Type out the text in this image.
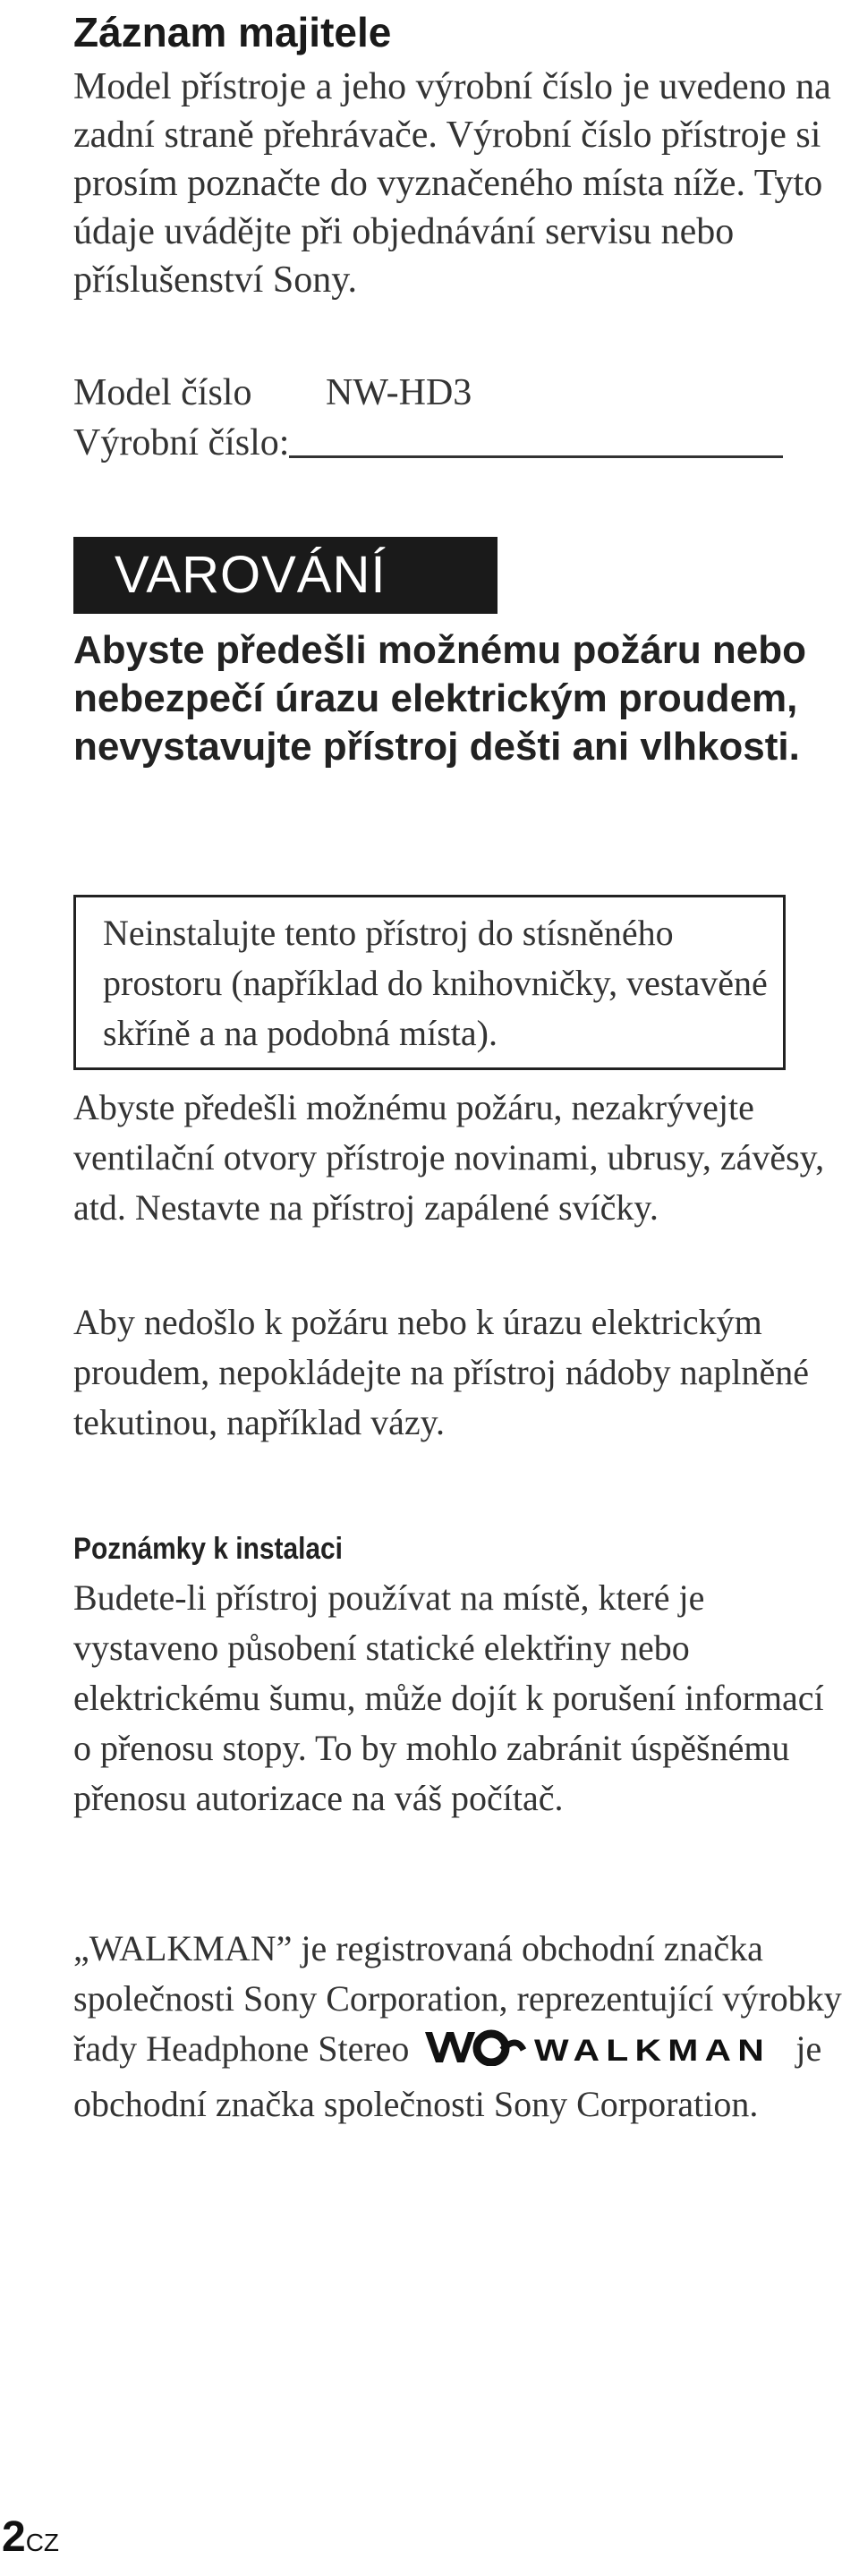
Záznam majitele
Model přístroje a jeho výrobní číslo je uvedeno na zadní straně přehrávače. Výrobní číslo přístroje si prosím poznačte do vyznačeného místa níže. Tyto údaje uvádějte při objednávání servisu nebo příslušenství Sony.
Model číslo NW-HD3
Výrobní číslo:
VAROVÁNÍ
Abyste předešli možnému požáru nebo nebezpečí úrazu elektrickým proudem, nevystavujte přístroj dešti ani vlhkosti.
Neinstalujte tento přístroj do stísněného prostoru (například do knihovničky, vestavěné skříně a na podobná místa).
Abyste předešli možnému požáru, nezakrývejte ventilační otvory přístroje novinami, ubrusy, závěsy, atd. Nestavte na přístroj zapálené svíčky.
Aby nedošlo k požáru nebo k úrazu elektrickým proudem, nepokládejte na přístroj nádoby naplněné tekutinou, například vázy.
Poznámky k instalaci
Budete-li přístroj používat na místě, které je vystaveno působení statické elektřiny nebo elektrickému šumu, může dojít k porušení informací o přenosu stopy. To by mohlo zabránit úspěšnému přenosu autorizace na váš počítač.
„WALKMAN” je registrovaná obchodní značka společnosti Sony Corporation, reprezentující výrobky řady Headphone Stereo	WALKMAN je obchodní značka společnosti Sony Corporation.
2CZ
